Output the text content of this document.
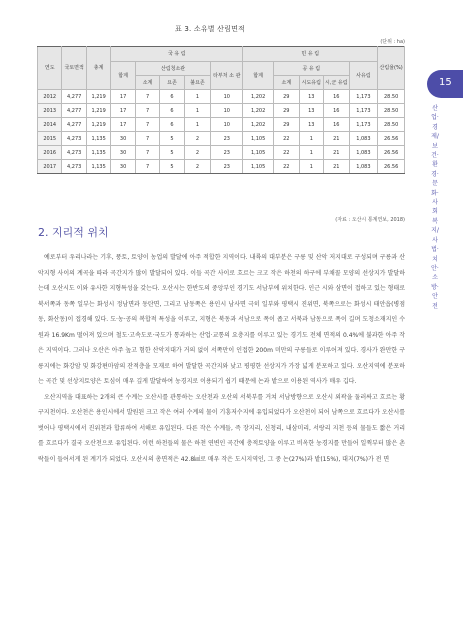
표 3. 소유별 산림면적
(단위 : ha)
연도	국토면적	총계	국 유 림					민 유 림					산림율(%)
			합계	산림청소관			타부처 소 관	합계	공 유 림			사유림	
				소계	요존	불요존			소계	시도유림	시,군 유림		
2012	4,277	1,219	17	7	6	1	10	1,202	29	13	16	1,173	28.50
2013	4,277	1,219	17	7	6	1	10	1,202	29	13	16	1,173	28.50
2014	4,277	1,219	17	7	6	1	10	1,202	29	13	16	1,173	28.50
2015	4,273	1,135	30	7	5	2	23	1,105	22	1	21	1,083	26.56
2016	4,273	1,135	30	7	5	2	23	1,105	22	1	21	1,083	26.56
2017	4,273	1,135	30	7	5	2	23	1,105	22	1	21	1,083	26.56
(자료 : 오산시 통계연보, 2018)
2. 지리적 위치

예로부터 우리나라는 기후, 풍토, 토양이 농업의 발달에 아주 적합한 지역이다. 내륙의 대부분은 구릉 및 산악 저지대로 구성되며 구릉과 산악지형 사이의 계곡을 따라 곡간지가 많이 발달되어 있다. 이들 곡간 사이로 흐르는 크고 작은 하천의 하구에 부채꼴 모양의 선상지가 발달하는데 오산시도 이와 유사한 지형특성을 갖는다. 오산시는 한반도의 중앙부인 경기도 서남부에 위치한다. 인근 시와 삼면이 접하고 있는 형태로 북서쪽과 동쪽 일부는 화성시 정남면과 동탄면, 그리고 남동쪽은 용인시 남사면 극히 일부와 평택시 진위면, 북쪽으로는 화성시 태안읍(병점동, 화산동)이 접경해 있다. 도·농·공의 복합적 특성을 이루고, 지형은 북동과 서남으로 폭이 좁고 서북과 남동으로 폭이 길며 도청소재지인 수원과 16.9Km 떨어져 있으며 철도·고속도로·국도가 통과하는 산업·교통의 요충지를 이루고 있는 경기도 전체 면적의 0.4%에 불과한 아주 작은 지역이다. 그러나 오산은 아주 높고 험한 산악지대가 거의 없이 서쪽만이 인접한 200m 미만의 구릉들로 이루어져 있다. 경사가 완만한 구릉지에는 화강암 및 화강편마암의 잔적층을 모재로 하여 발달한 곡간지와 낮고 평평한 선상지가 가장 넓게 분포하고 있다. 오산지역에 분포하는 곡간 및 선상지토양은 토심이 매우 깊게 발달하여 농경지로 이용되기 쉽기 때문에 논과 밭으로 이용된 역사가 매우 깁다.

오산지역을 대표하는 2개의 큰 수계는 오산시를 관통하는 오산천과 오산의 서북부를 거쳐 서남방향으로 오산시 외곽을 둘러싸고 흐르는 황구지천이다. 오산천은 용인시에서 발원된 크고 작은 여러 수계의 물이 기흥저수지에 유입되었다가 오산천이 되어 남쪽으로 흐르다가 오산시를 벗어나 평택시에서 진위천과 합류하여 서해로 유입된다. 다른 작은 수계들, 즉 장지리, 신청리, 내삼미리, 서랑리 지천 등의 물들도 짧은 거리를 흐르다가 결국 오산천으로 유입된다. 이런 하천들의 물은 하천 연변인 곡간에 충적토양을 이루고 비옥한 농경지를 만들어 일찍부터 많은 촌락들이 들어서게 된 계기가 되었다. 오산시의 총면적은 42.8㎢로 매우 작은 도시지역인, 그 중 논(27%)과 밭(15%), 대지(7%)가 전 면

15
산업·경제/보건·환경·문화·사회복지/사법·치안·소방·안전
